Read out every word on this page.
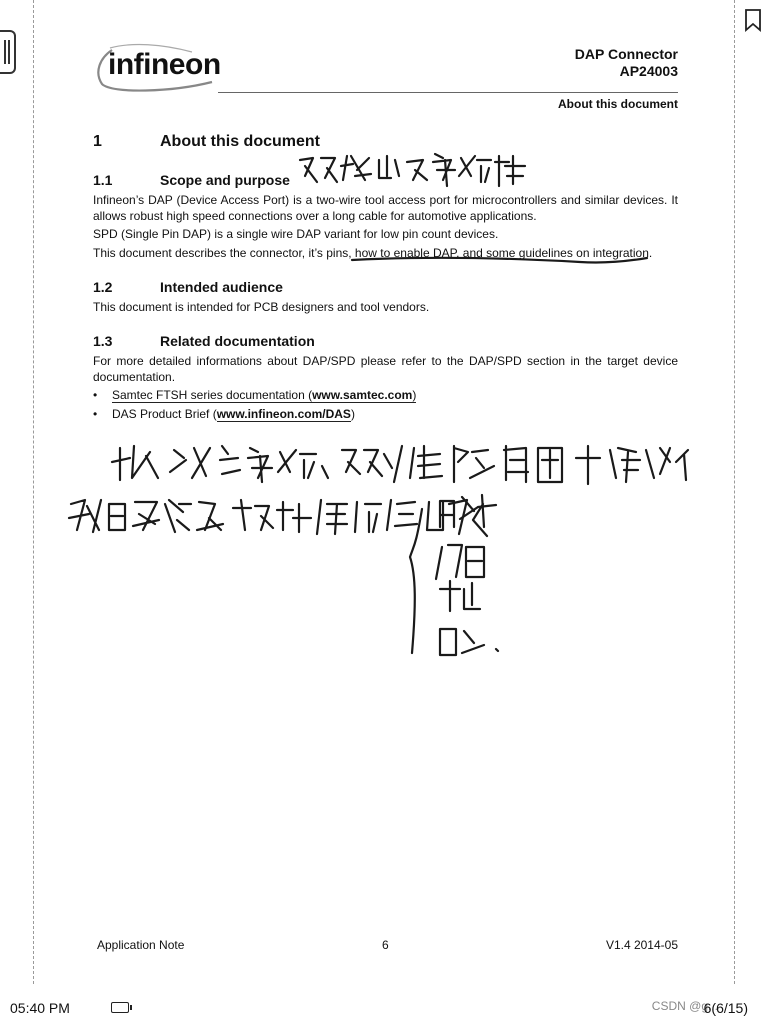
infineon	DAP Connector
AP24003
About this document
1	About this document
1.1	Scope and purpose
Infineon’s DAP (Device Access Port) is a two-wire tool access port for microcontrollers and similar devices. It allows robust high speed connections over a long cable for automotive applications.
SPD (Single Pin DAP) is a single wire DAP variant for low pin count devices.
This document describes the connector, it’s pins, how to enable DAP, and some guidelines on integration.
1.2	Intended audience
This document is intended for PCB designers and tool vendors.
1.3	Related documentation
For more detailed informations about DAP/SPD please refer to the DAP/SPD section in the target device documentation.
• Samtec FTSH series documentation (www.samtec.com)
• DAS Product Brief (www.infineon.com/DAS)
Application Note	6	V1.4 2014-05
05:40 PM	CSDN @g...
6(6/15)
